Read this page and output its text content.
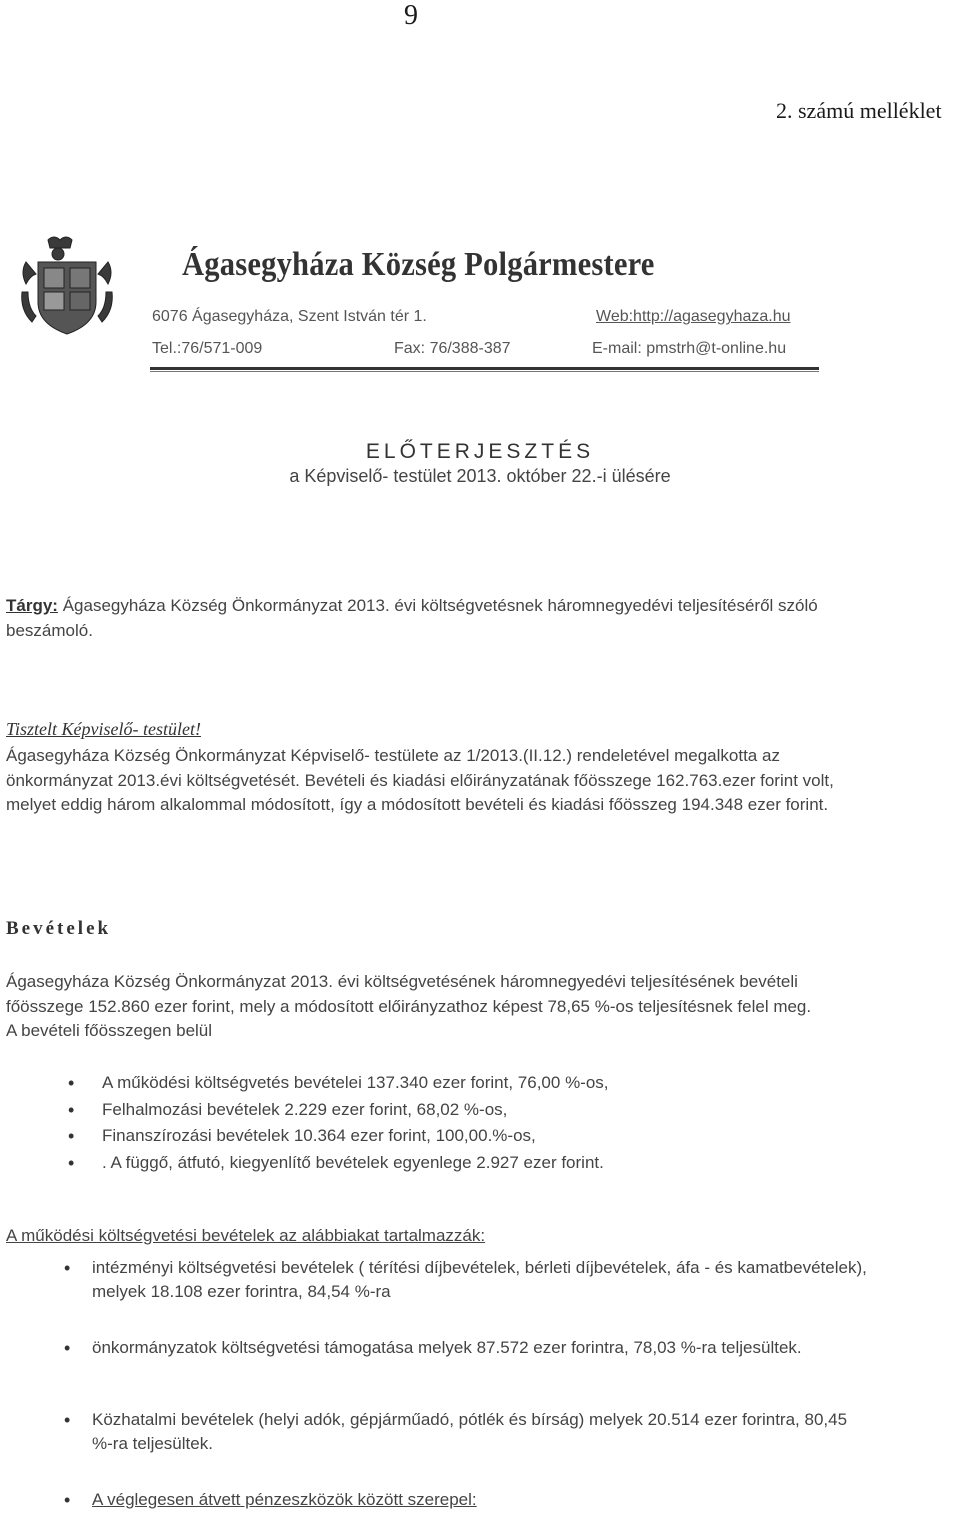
9
2. számú melléklet
Ágasegyháza Község Polgármestere
6076 Ágasegyháza, Szent István tér 1.	Web:http://agasegyhaza.hu
Tel.:76/571-009	Fax: 76/388-387	E-mail: pmstrh@t-online.hu
ELŐTERJESZTÉS
a Képviselő- testület 2013. október 22.-i ülésére
Tárgy: Ágasegyháza Község Önkormányzat 2013. évi költségvetésnek háromnegyedévi teljesítéséről szóló beszámoló.
Tisztelt Képviselő- testület!
Ágasegyháza Község Önkormányzat Képviselő- testülete az 1/2013.(II.12.) rendeletével megalkotta az önkormányzat 2013.évi költségvetését. Bevételi és kiadási előirányzatának főösszege 162.763.ezer forint volt, melyet eddig három alkalommal módosított, így a módosított bevételi és kiadási főösszeg 194.348 ezer forint.
Bevételek
Ágasegyháza Község Önkormányzat 2013. évi költségvetésének háromnegyedévi teljesítésének bevételi főösszege 152.860 ezer forint, mely a módosított előirányzathoz képest 78,65 %-os teljesítésnek felel meg.
A bevételi főösszegen belül
• A működési költségvetés bevételei 137.340 ezer forint, 76,00 %-os,
• Felhalmozási bevételek 2.229 ezer forint, 68,02 %-os,
• Finanszírozási bevételek 10.364 ezer forint, 100,00.%-os,
• . A függő, átfutó, kiegyenlítő bevételek egyenlege 2.927 ezer forint.
A működési költségvetési bevételek az alábbiakat tartalmazzák:
• intézményi költségvetési bevételek ( térítési díjbevételek, bérleti díjbevételek, áfa - és kamatbevételek), melyek 18.108 ezer forintra, 84,54 %-ra
• önkormányzatok költségvetési támogatása melyek 87.572 ezer forintra, 78,03 %-ra teljesültek.
• Közhatalmi bevételek (helyi adók, gépjárműadó, pótlék és bírság) melyek 20.514 ezer forintra, 80,45 %-ra teljesültek.
• A véglegesen átvett pénzeszközök között szerepel:
